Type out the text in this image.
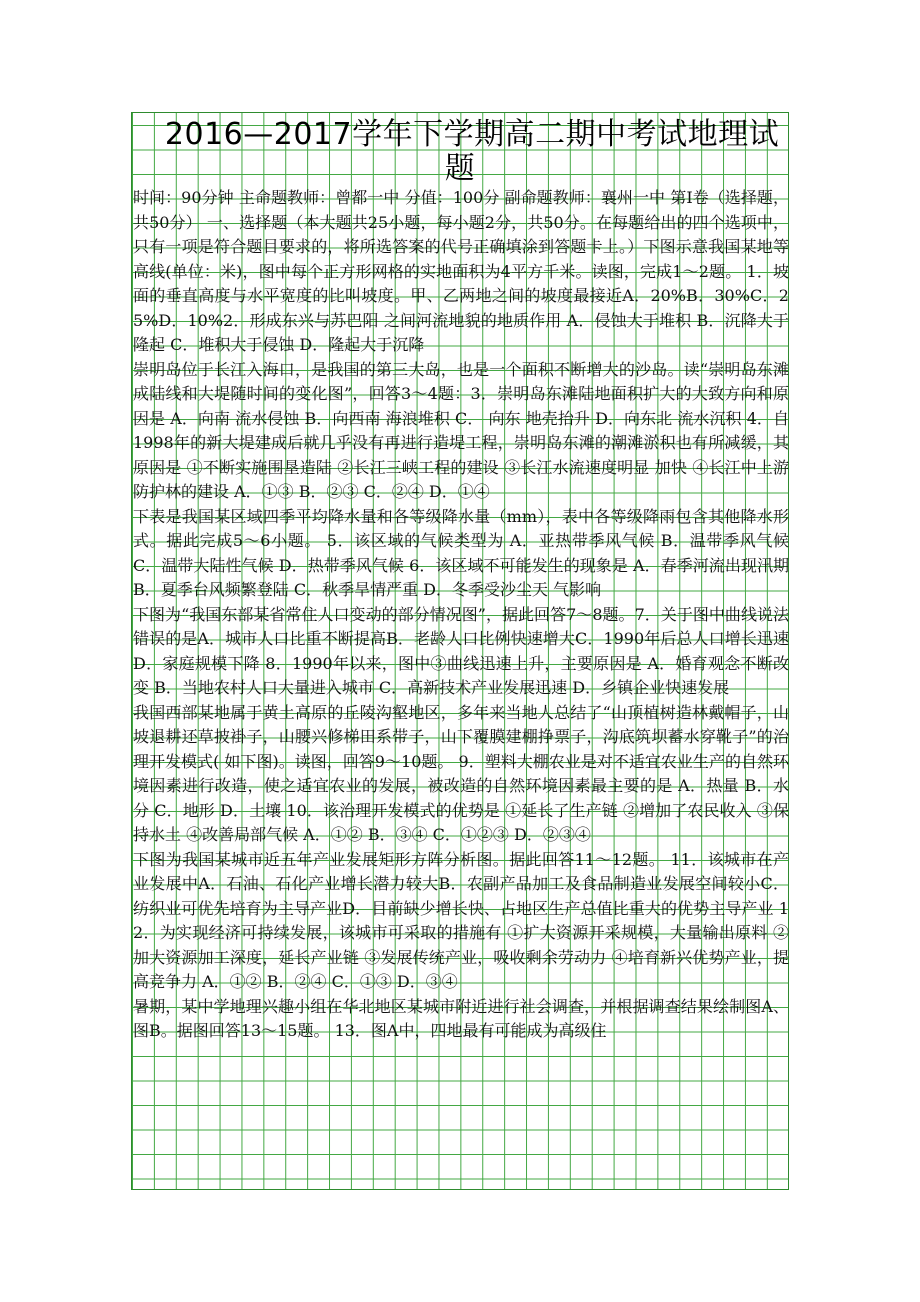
2016—2017学年下学期高二期中考试地理试
题

时间：90分钟 主命题教师：曾都一中 分值：100分 副命题教师：襄州一中 第Ⅰ卷（选择题，共50分） 一、选择题（本大题共25小题，每小题2分，共50分。在每题给出的四个选项中，只有一项是符合题目要求的，将所选答案的代号正确填涂到答题卡上。）下图示意我国某地等高线(单位：米)，图中每个正方形网格的实地面积为4平方千米。读图，完成1～2题。 1．坡面的垂直高度与水平宽度的比叫坡度。甲、乙两地之间的坡度最接近A．20%B．30%C．25%D．10%2．形成东兴与苏巴阳 之间河流地貌的地质作用 A．侵蚀大于堆积 B．沉降大于隆起 C．堆积大于侵蚀 D．隆起大于沉降

崇明岛位于长江入海口，是我国的第三大岛，也是一个面积不断增大的沙岛。读“崇明岛东滩成陆线和大堤随时间的变化图”，回答3～4题：3．崇明岛东滩陆地面积扩大的大致方向和原因是 A．向南 流水侵蚀 B．向西南 海浪堆积 C． 向东 地壳抬升 D．向东北 流水沉积 4．自1998年的新大堤建成后就几乎没有再进行造堤工程，崇明岛东滩的潮滩淤积也有所减缓，其原因是 ①不断实施围垦造陆 ②长江三峡工程的建设 ③长江水流速度明显 加快 ④长江中上游防护林的建设 A．①③ B．②③ C．②④ D．①④

下表是我国某区域四季平均降水量和各等级降水量（mm），表中各等级降雨包含其他降水形式。据此完成5～6小题。 5．该区域的气候类型为 A．亚热带季风气候 B．温带季风气候 C．温带大陆性气候 D．热带季风气候 6．该区域不可能发生的现象是 A．春季河流出现汛期 B．夏季台风频繁登陆 C．秋季旱情严重 D．冬季受沙尘天 气影响

下图为“我国东部某省常住人口变动的部分情况图”，据此回答7～8题。7．关于图中曲线说法错误的是A．城市人口比重不断提高B．老龄人口比例快速增大C．1990年后总人口增长迅速 D．家庭规模下降 8．1990年以来，图中③曲线迅速上升，主要原因是 A．婚育观念不断改变 B．当地农村人口大量进入城市 C．高新技术产业发展迅速 D．乡镇企业快速发展

我国西部某地属于黄土高原的丘陵沟壑地区，多年来当地人总结了“山顶植树造林戴帽子，山坡退耕还草披褂子，山腰兴修梯田系带子，山下覆膜建棚挣票子，沟底筑坝蓄水穿靴子”的治理开发模式( 如下图)。读图，回答9～10题。 9．塑料大棚农业是对不适宜农业生产的自然环境因素进行改造，使之适宜农业的发展，被改造的自然环境因素最主要的是 A．热量 B．水分 C．地形 D．土壤 10．该治理开发模式的优势是 ①延长了生产链 ②增加了农民收入 ③保持水土 ④改善局部气候 A．①② B．③④ C．①②③ D．②③④

下图为我国某城市近五年产业发展矩形方阵分析图。据此回答11～12题。 11．该城市在产业发展中A．石油、石化产业增长潜力较大B．农副产品加工及食品制造业发展空间较小C．纺织业可优先培育为主导产业D．目前缺少增长快、占地区生产总值比重大的优势主导产业 12．为实现经济可持续发展，该城市可采取的措施有 ①扩大资源开采规模，大量输出原料 ②加大资源加工深度，延长产业链 ③发展传统产业，吸收剩余劳动力 ④培育新兴优势产业，提高竞争力 A．①② B．②④ C．①③ D．③④

暑期，某中学地理兴趣小组在华北地区某城市附近进行社会调查，并根据调查结果绘制图A、图B。据图回答13～15题。 13．图A中，四地最有可能成为高级住
